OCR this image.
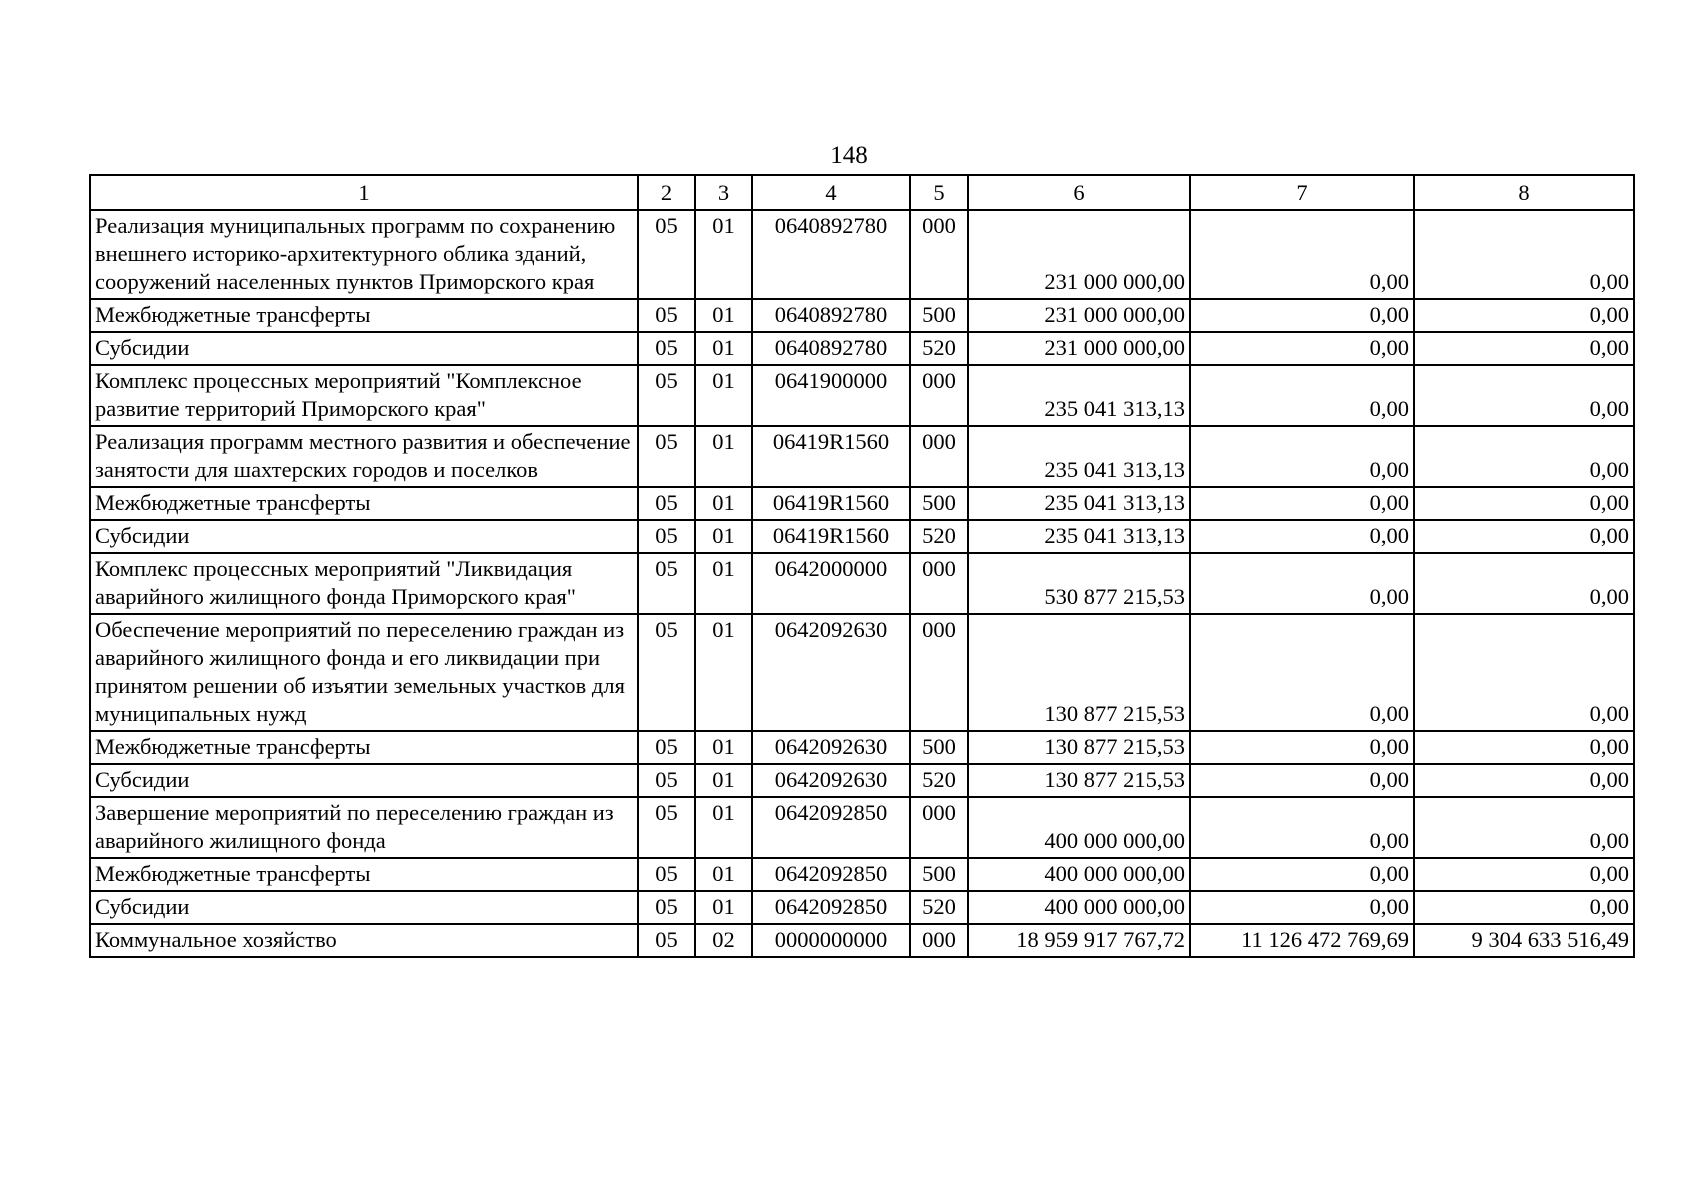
148
1	2	3	4	5	6	7	8
Реализация муниципальных программ по сохранению внешнего историко-архитектурного облика зданий, сооружений населенных пунктов Приморского края	05	01	0640892780	000	231 000 000,00	0,00	0,00
Межбюджетные трансферты	05	01	0640892780	500	231 000 000,00	0,00	0,00
Субсидии	05	01	0640892780	520	231 000 000,00	0,00	0,00
Комплекс процессных мероприятий "Комплексное развитие территорий Приморского края"	05	01	0641900000	000	235 041 313,13	0,00	0,00
Реализация программ местного развития и обеспечение занятости для шахтерских городов и поселков	05	01	06419R1560	000	235 041 313,13	0,00	0,00
Межбюджетные трансферты	05	01	06419R1560	500	235 041 313,13	0,00	0,00
Субсидии	05	01	06419R1560	520	235 041 313,13	0,00	0,00
Комплекс процессных мероприятий "Ликвидация аварийного жилищного фонда Приморского края"	05	01	0642000000	000	530 877 215,53	0,00	0,00
Обеспечение мероприятий по переселению граждан из аварийного жилищного фонда и его ликвидации при принятом решении об изъятии земельных участков для муниципальных нужд	05	01	0642092630	000	130 877 215,53	0,00	0,00
Межбюджетные трансферты	05	01	0642092630	500	130 877 215,53	0,00	0,00
Субсидии	05	01	0642092630	520	130 877 215,53	0,00	0,00
Завершение мероприятий по переселению граждан из аварийного жилищного фонда	05	01	0642092850	000	400 000 000,00	0,00	0,00
Межбюджетные трансферты	05	01	0642092850	500	400 000 000,00	0,00	0,00
Субсидии	05	01	0642092850	520	400 000 000,00	0,00	0,00
Коммунальное хозяйство	05	02	0000000000	000	18 959 917 767,72	11 126 472 769,69	9 304 633 516,49
